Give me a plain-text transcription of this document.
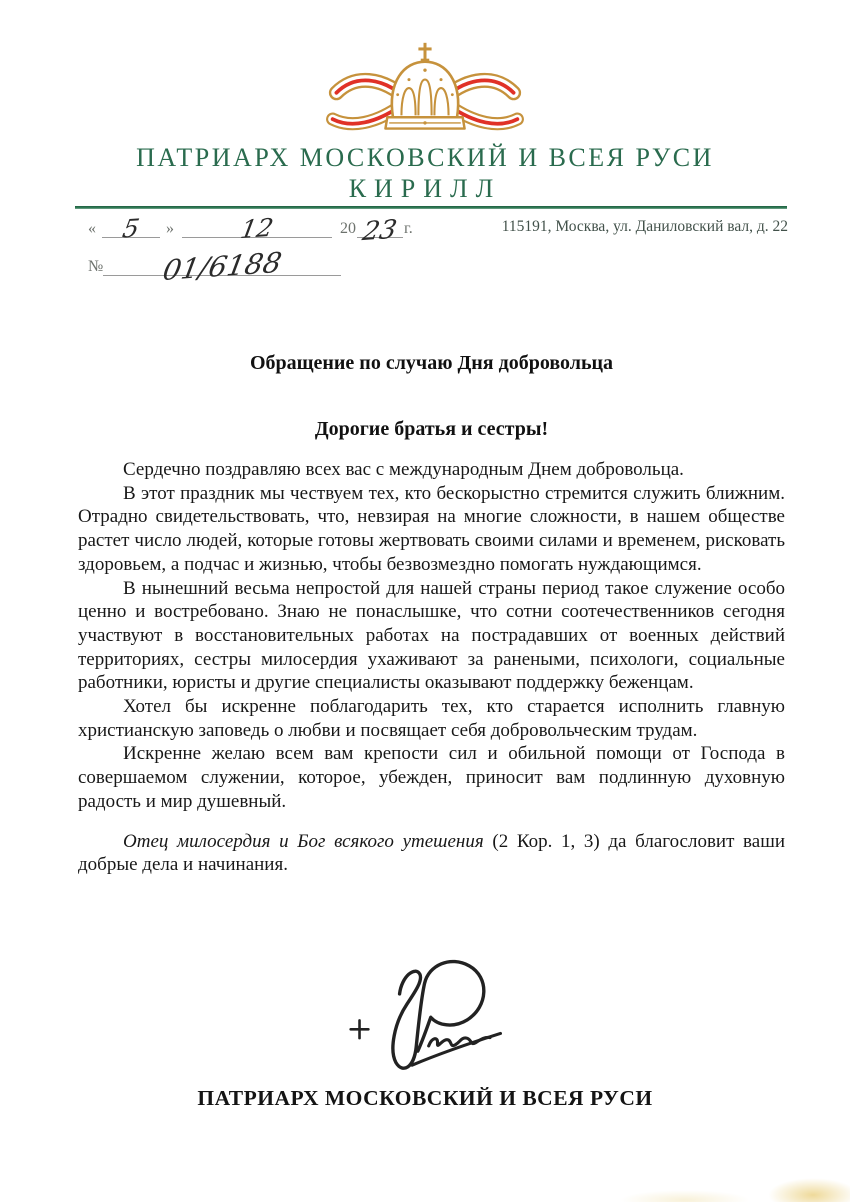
ПАТРИАРХ МОСКОВСКИЙ И ВСЕЯ РУСИ
КИРИЛЛ
« 5	»	12	20 23 г.	115191, Москва, ул. Даниловский вал, д. 22
№	01/6188
Обращение по случаю Дня добровольца
Дорогие братья и сестры!

Сердечно поздравляю всех вас с международным Днем добровольца.

В этот праздник мы чествуем тех, кто бескорыстно стремится служить ближним. Отрадно свидетельствовать, что, невзирая на многие сложности, в нашем обществе растет число людей, которые готовы жертвовать своими силами и временем, рисковать здоровьем, а подчас и жизнью, чтобы безвозмездно помогать нуждающимся.

В нынешний весьма непростой для нашей страны период такое служение особо ценно и востребовано. Знаю не понаслышке, что сотни соотечественников сегодня участвуют в восстановительных работах на пострадавших от военных действий территориях, сестры милосердия ухаживают за ранеными, психологи, социальные работники, юристы и другие специалисты оказывают поддержку беженцам.

Хотел бы искренне поблагодарить тех, кто старается исполнить главную христианскую заповедь о любви и посвящает себя добровольческим трудам.

Искренне желаю всем вам крепости сил и обильной помощи от Господа в совершаемом служении, которое, убежден, приносит вам подлинную духовную радость и мир душевный.

Отец милосердия и Бог всякого утешения (2 Кор. 1, 3) да благословит ваши добрые дела и начинания.

ПАТРИАРХ МОСКОВСКИЙ И ВСЕЯ РУСИ
